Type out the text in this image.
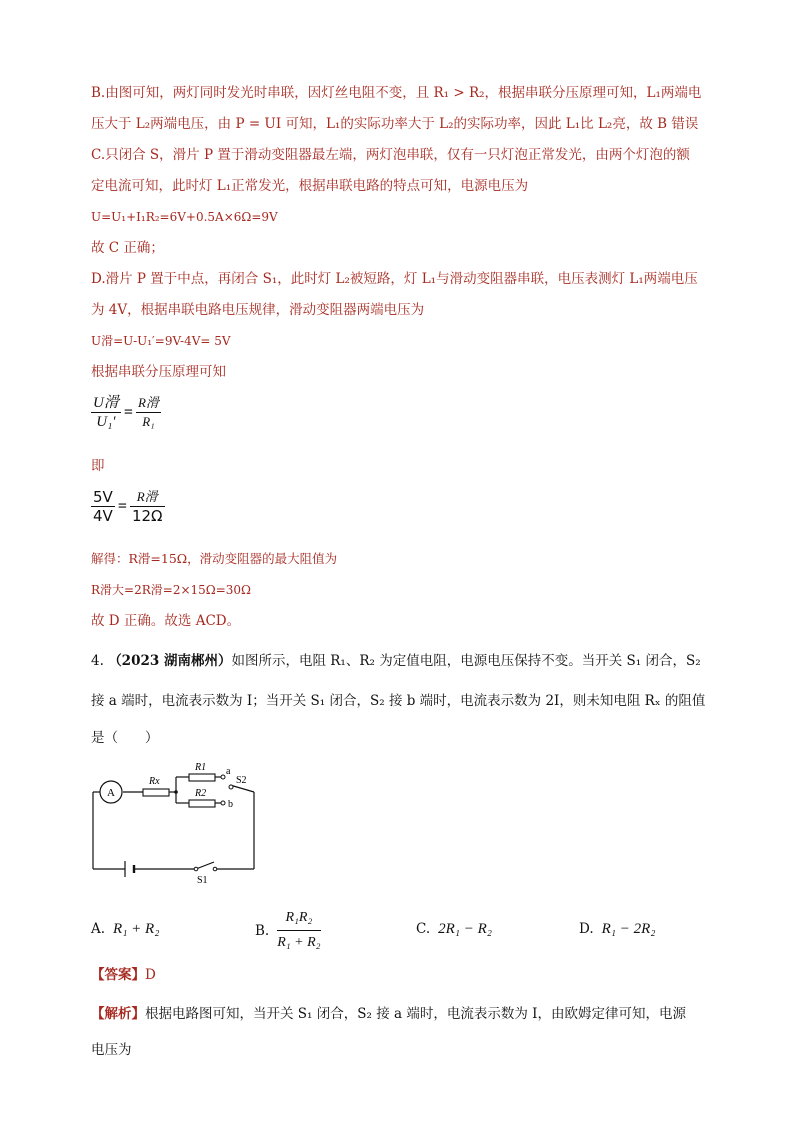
B.由图可知，两灯同时发光时串联，因灯丝电阻不变，且 R₁ > R₂，根据串联分压原理可知，L₁两端电
压大于 L₂两端电压，由 P = UI 可知，L₁的实际功率大于 L₂的实际功率，因此 L₁比 L₂亮，故 B 错误
C.只闭合 S，滑片 P 置于滑动变阻器最左端，两灯泡串联，仅有一只灯泡正常发光，由两个灯泡的额
定电流可知，此时灯 L₁正常发光，根据串联电路的特点可知，电源电压为
U=U₁+I₁R₂=6V+0.5A×6Ω=9V
故 C 正确；
D.滑片 P 置于中点，再闭合 S₁，此时灯 L₂被短路，灯 L₁与滑动变阻器串联，电压表测灯 L₁两端电压
为 4V，根据串联电路电压规律，滑动变阻器两端电压为
U滑=U-U₁′=9V-4V= 5V
根据串联分压原理可知
$\frac{\text{U滑}}{\text{U₁′}} = \frac{\text{R滑}}{\text{R₁}}$
即
$\frac{5V}{4V} = \frac{\text{R滑}}{12\Omega}$
解得：R滑=15Ω，滑动变阻器的最大阻值为
R滑大=2R滑=2×15Ω=30Ω
故 D 正确。故选 ACD。
4. （2023 湖南郴州）如图所示，电阻 R₁、R₂ 为定值电阻，电源电压保持不变。当开关 S₁ 闭合，S₂
接 a 端时，电流表示数为 I；当开关 S₁ 闭合，S₂ 接 b 端时，电流表示数为 2I，则未知电阻 Rₓ 的阻值
是（　　）
A
Rx
R1
R2
a
b
S2
S1
A. R₁ + R₂	B.
R₁R₂
R₁ + R₂
C. 2R₁ − R₂	D. R₁ − 2R₂
【答案】D
【解析】根据电路图可知，当开关 S₁ 闭合，S₂ 接 a 端时，电流表示数为 I，由欧姆定律可知，电源
电压为
